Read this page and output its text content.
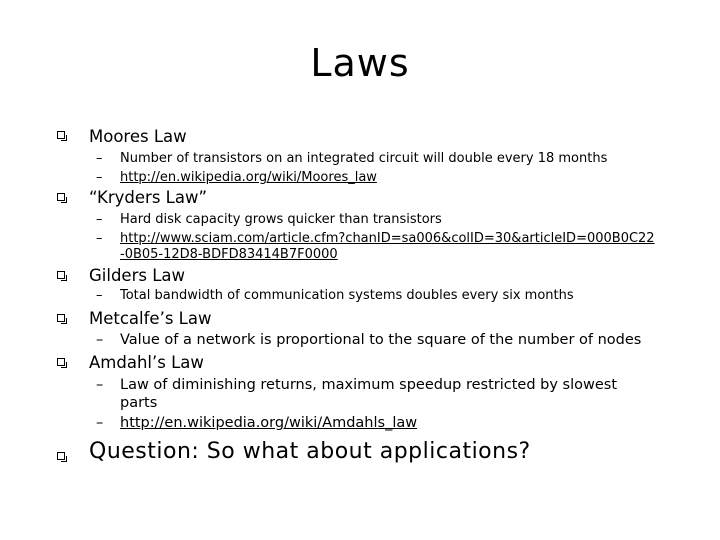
Laws
Moores Law
– Number of transistors on an integrated circuit will double every 18 months
– http://en.wikipedia.org/wiki/Moores_law
“Kryders Law”
– Hard disk capacity grows quicker than transistors
– http://www.sciam.com/article.cfm?chanID=sa006&colID=30&articleID=000B0C22
-0B05-12D8-BDFD83414B7F0000
Gilders Law
– Total bandwidth of communication systems doubles every six months
Metcalfe’s Law
– Value of a network is proportional to the square of the number of nodes
Amdahl’s Law
– Law of diminishing returns, maximum speedup restricted by slowest
parts
– http://en.wikipedia.org/wiki/Amdahls_law
Question: So what about applications?
